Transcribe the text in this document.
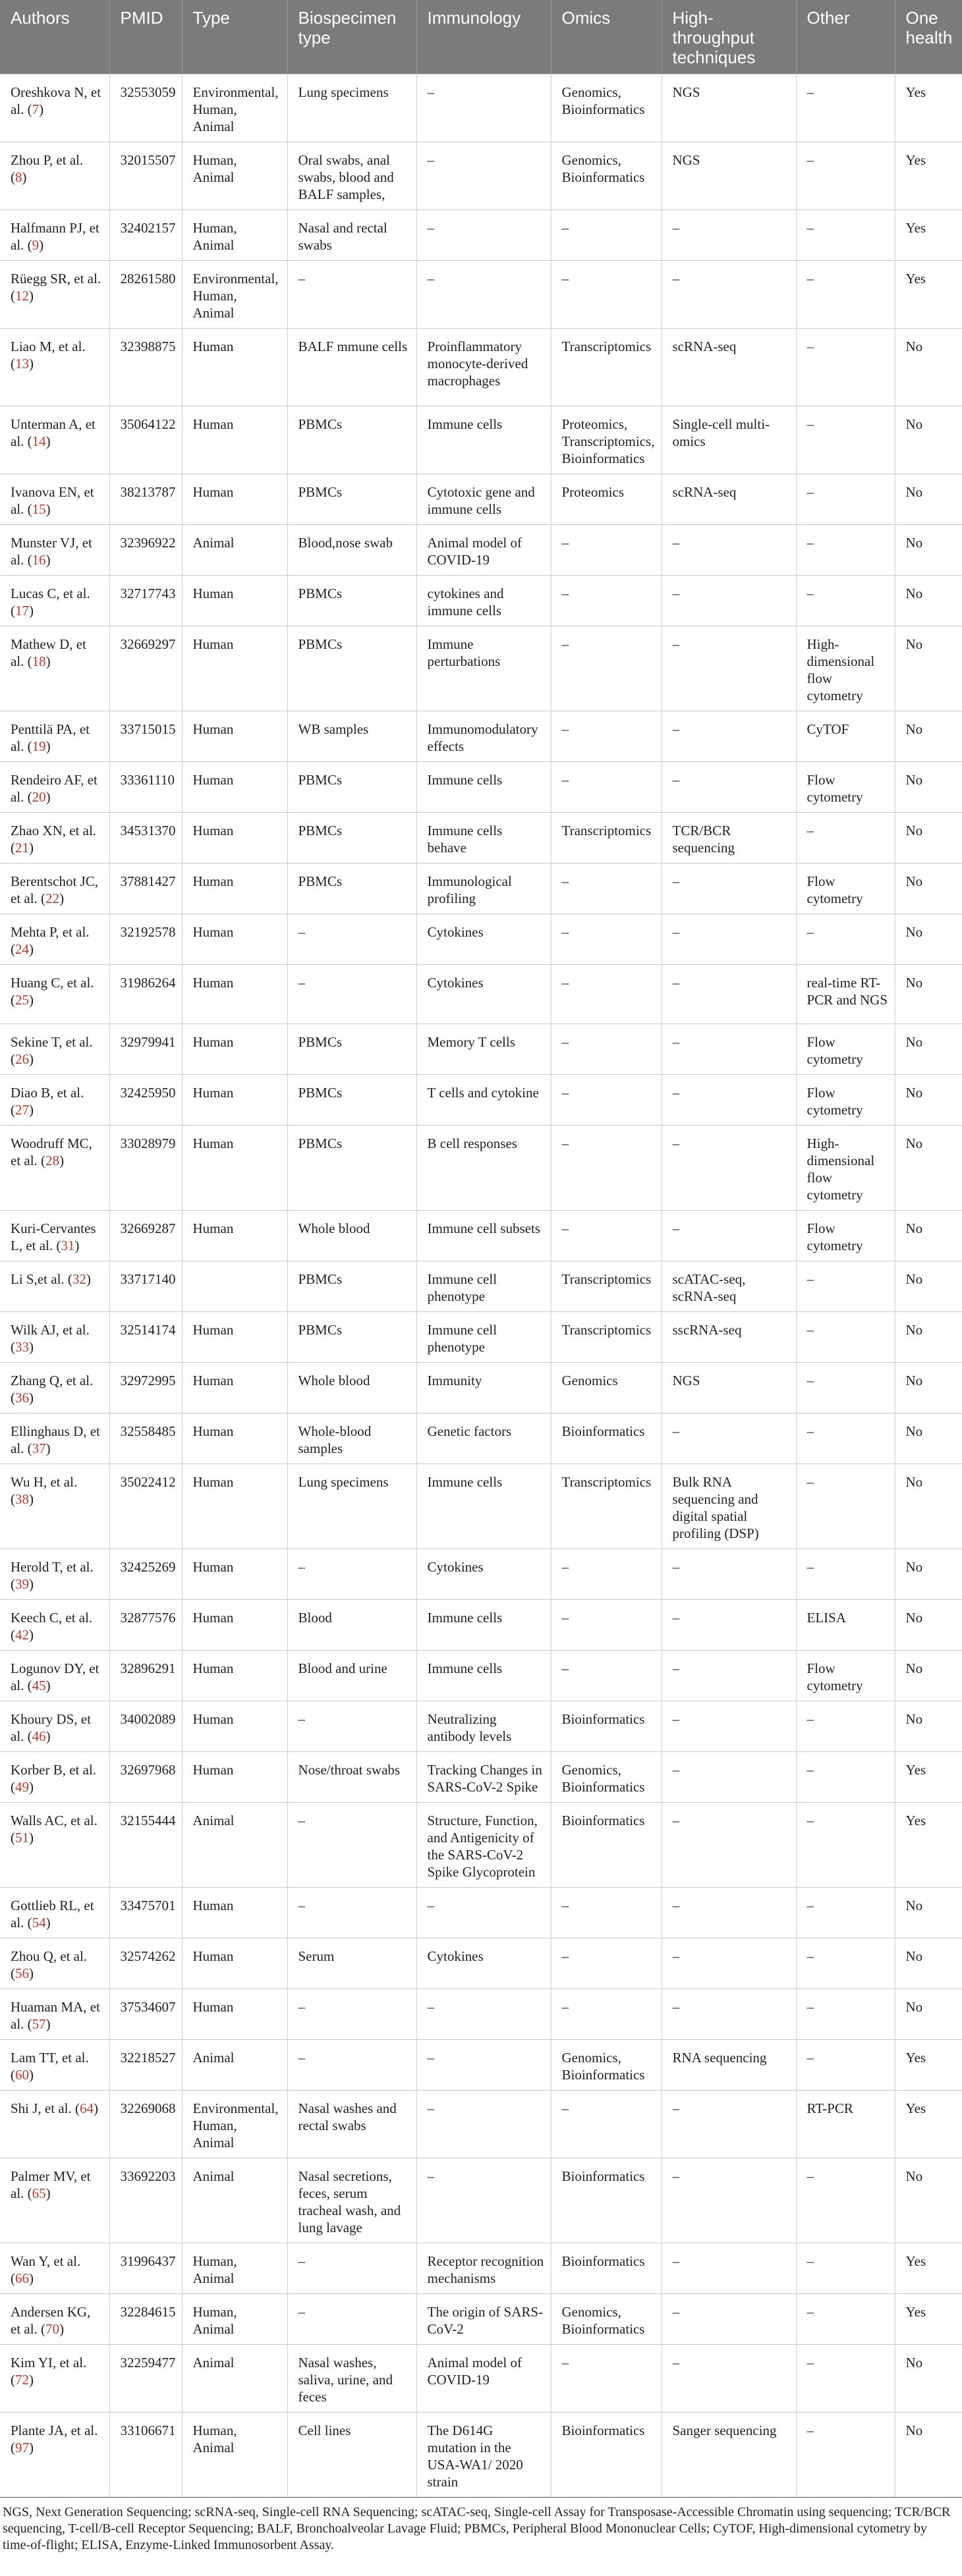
Authors	PMID	Type	Biospecimen type	Immunology	Omics	High-throughput techniques	Other	One health
Oreshkova N, et al. (7)	32553059	Environmental, Human, Animal	Lung specimens	–	Genomics, Bioinformatics	NGS	–	Yes
Zhou P, et al. (8)	32015507	Human, Animal	Oral swabs, anal swabs, blood and BALF samples,	–	Genomics, Bioinformatics	NGS	–	Yes
Halfmann PJ, et al. (9)	32402157	Human, Animal	Nasal and rectal swabs	–	–	–	–	Yes
Rüegg SR, et al. (12)	28261580	Environmental, Human, Animal	–	–	–	–	–	Yes
Liao M, et al. (13)	32398875	Human	BALF mmune cells	Proinflammatory monocyte-derived macrophages	Transcriptomics	scRNA-seq	–	No
Unterman A, et al. (14)	35064122	Human	PBMCs	Immune cells	Proteomics, Transcriptomics, Bioinformatics	Single-cell multi-omics	–	No
Ivanova EN, et al. (15)	38213787	Human	PBMCs	Cytotoxic gene and immune cells	Proteomics	scRNA-seq	–	No
Munster VJ, et al. (16)	32396922	Animal	Blood,nose swab	Animal model of COVID-19	–	–	–	No
Lucas C, et al. (17)	32717743	Human	PBMCs	cytokines and immune cells	–	–	–	No
Mathew D, et al. (18)	32669297	Human	PBMCs	Immune perturbations	–	–	High-dimensional flow cytometry	No
Penttilä PA, et al. (19)	33715015	Human	WB samples	Immunomodulatory effects	–	–	CyTOF	No
Rendeiro AF, et al. (20)	33361110	Human	PBMCs	Immune cells	–	–	Flow cytometry	No
Zhao XN, et al. (21)	34531370	Human	PBMCs	Immune cells behave	Transcriptomics	TCR/BCR sequencing	–	No
Berentschot JC, et al. (22)	37881427	Human	PBMCs	Immunological profiling	–	–	Flow cytometry	No
Mehta P, et al. (24)	32192578	Human	–	Cytokines	–	–	–	No
Huang C, et al. (25)	31986264	Human	–	Cytokines	–	–	real-time RT-PCR and NGS	No
Sekine T, et al. (26)	32979941	Human	PBMCs	Memory T cells	–	–	Flow cytometry	No
Diao B, et al. (27)	32425950	Human	PBMCs	T cells and cytokine	–	–	Flow cytometry	No
Woodruff MC, et al. (28)	33028979	Human	PBMCs	B cell responses	–	–	High-dimensional flow cytometry	No
Kuri-Cervantes L, et al. (31)	32669287	Human	Whole blood	Immune cell subsets	–	–	Flow cytometry	No
Li S,et al. (32)	33717140		PBMCs	Immune cell phenotype	Transcriptomics	scATAC-seq, scRNA-seq	–	No
Wilk AJ, et al. (33)	32514174	Human	PBMCs	Immune cell phenotype	Transcriptomics	sscRNA-seq	–	No
Zhang Q, et al. (36)	32972995	Human	Whole blood	Immunity	Genomics	NGS	–	No
Ellinghaus D, et al. (37)	32558485	Human	Whole-blood samples	Genetic factors	Bioinformatics	–	–	No
Wu H, et al. (38)	35022412	Human	Lung specimens	Immune cells	Transcriptomics	Bulk RNA sequencing and digital spatial profiling (DSP)	–	No
Herold T, et al. (39)	32425269	Human	–	Cytokines	–	–	–	No
Keech C, et al. (42)	32877576	Human	Blood	Immune cells	–	–	ELISA	No
Logunov DY, et al. (45)	32896291	Human	Blood and urine	Immune cells	–	–	Flow cytometry	No
Khoury DS, et al. (46)	34002089	Human	–	Neutralizing antibody levels	Bioinformatics	–	–	No
Korber B, et al. (49)	32697968	Human	Nose/throat swabs	Tracking Changes in SARS-CoV-2 Spike	Genomics, Bioinformatics	–	–	Yes
Walls AC, et al. (51)	32155444	Animal	–	Structure, Function, and Antigenicity of the SARS-CoV-2 Spike Glycoprotein	Bioinformatics	–	–	Yes
Gottlieb RL, et al. (54)	33475701	Human	–	–	–	–	–	No
Zhou Q, et al. (56)	32574262	Human	Serum	Cytokines	–	–	–	No
Huaman MA, et al. (57)	37534607	Human	–	–	–	–	–	No
Lam TT, et al. (60)	32218527	Animal	–	–	Genomics, Bioinformatics	RNA sequencing	–	Yes
Shi J, et al. (64)	32269068	Environmental, Human, Animal	Nasal washes and rectal swabs	–	–	–	RT-PCR	Yes
Palmer MV, et al. (65)	33692203	Animal	Nasal secretions, feces, serum tracheal wash, and lung lavage	–	Bioinformatics	–	–	No
Wan Y, et al. (66)	31996437	Human, Animal	–	Receptor recognition mechanisms	Bioinformatics	–	–	Yes
Andersen KG, et al. (70)	32284615	Human, Animal	–	The origin of SARS-CoV-2	Genomics, Bioinformatics	–	–	Yes
Kim YI, et al. (72)	32259477	Animal	Nasal washes, saliva, urine, and feces	Animal model of COVID-19	–	–	–	No
Plante JA, et al. (97)	33106671	Human, Animal	Cell lines	The D614G mutation in the USA-WA1/ 2020 strain	Bioinformatics	Sanger sequencing	–	No
NGS, Next Generation Sequencing; scRNA-seq, Single-cell RNA Sequencing; scATAC-seq, Single-cell Assay for Transposase-Accessible Chromatin using sequencing; TCR/BCR sequencing, T-cell/B-cell Receptor Sequencing; BALF, Bronchoalveolar Lavage Fluid; PBMCs, Peripheral Blood Mononuclear Cells; CyTOF, High-dimensional cytometry by time-of-flight; ELISA, Enzyme-Linked Immunosorbent Assay.
